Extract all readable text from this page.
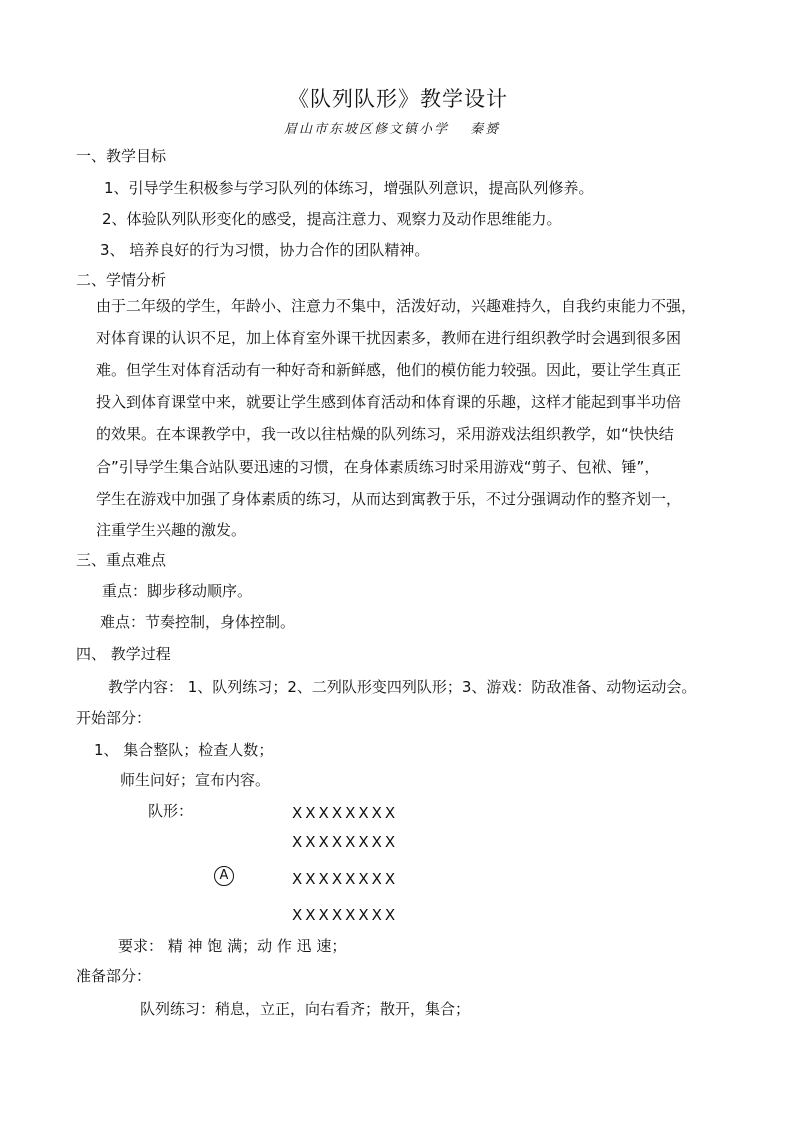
《队列队形》教学设计
眉山市东坡区修文镇小学　 秦赟
一、教学目标
1、引导学生积极参与学习队列的体练习，增强队列意识，提高队列修养。
2、体验队列队形变化的感受，提高注意力、观察力及动作思维能力。
3、 培养良好的行为习惯，协力合作的团队精神。
二、学情分析
由于二年级的学生，年龄小、注意力不集中，活泼好动，兴趣难持久，自我约束能力不强，
对体育课的认识不足，加上体育室外课干扰因素多，教师在进行组织教学时会遇到很多困
难。但学生对体育活动有一种好奇和新鲜感，他们的模仿能力较强。因此，要让学生真正
投入到体育课堂中来，就要让学生感到体育活动和体育课的乐趣，这样才能起到事半功倍
的效果。在本课教学中，我一改以往枯燥的队列练习，采用游戏法组织教学，如“快快结
合”引导学生集合站队要迅速的习惯，在身体素质练习时采用游戏“剪子、包袱、锤”，
学生在游戏中加强了身体素质的练习，从而达到寓教于乐，不过分强调动作的整齐划一，
注重学生兴趣的激发。
三、重点难点
重点：脚步移动顺序。
难点：节奏控制，身体控制。
四、 教学过程
教学内容： 1、队列练习；2、二列队形变四列队形；3、游戏：防敌准备、动物运动会。
开始部分：
1、 集合整队；检查人数；
师生问好；宣布内容。
队形：	XXXXXXXX
XXXXXXXX
A	XXXXXXXX
XXXXXXXX
要求： 精 神 饱 满；动 作 迅 速；
准备部分：
队列练习：稍息，立正，向右看齐；散开，集合；
